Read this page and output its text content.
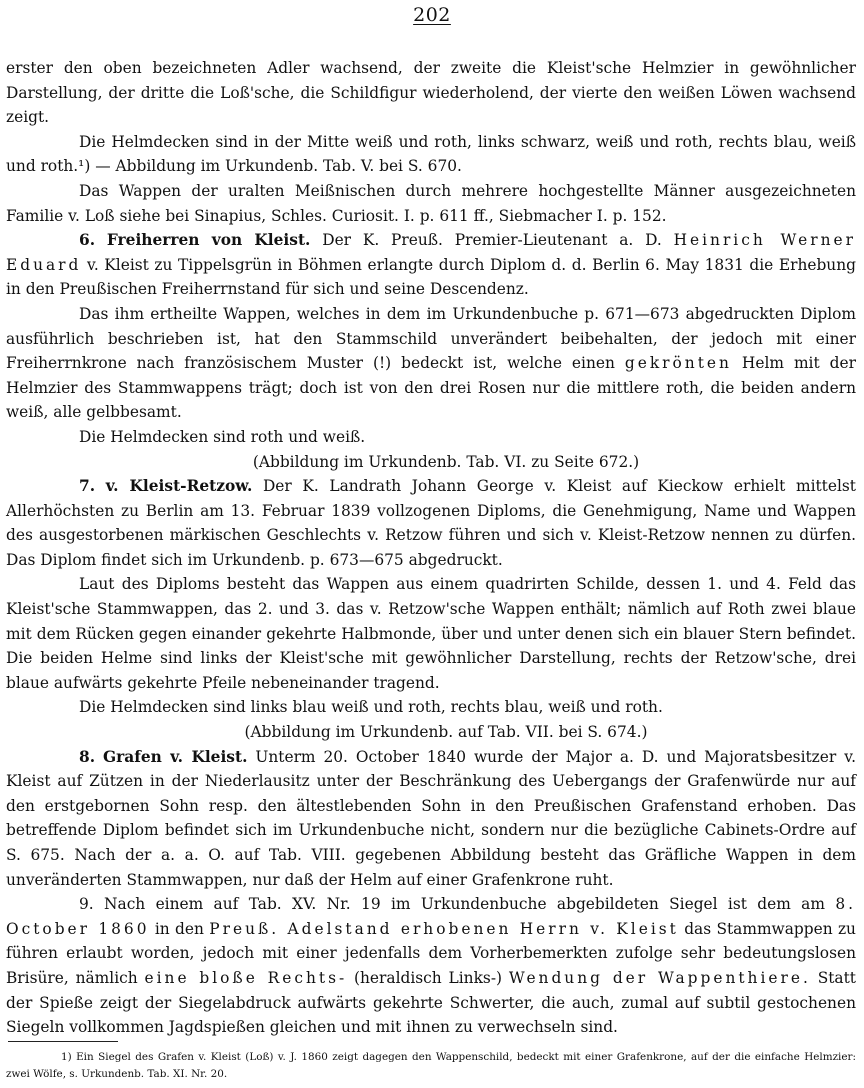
202

erster den oben bezeichneten Adler wachsend, der zweite die Kleist'sche Helmzier in gewöhnlicher Darstellung, der dritte die Loß'sche, die Schildfigur wiederholend, der vierte den weißen Löwen wachsend zeigt.

Die Helmdecken sind in der Mitte weiß und roth, links schwarz, weiß und roth, rechts blau, weiß und roth.¹) — Abbildung im Urkundenb. Tab. V. bei S. 670.

Das Wappen der uralten Meißnischen durch mehrere hochgestellte Männer ausgezeichneten Familie v. Loß siehe bei Sinapius, Schles. Curiosit. I. p. 611 ff., Siebmacher I. p. 152.

6. Freiherren von Kleist. Der K. Preuß. Premier-Lieutenant a. D. Heinrich Werner Eduard v. Kleist zu Tippelsgrün in Böhmen erlangte durch Diplom d. d. Berlin 6. May 1831 die Erhebung in den Preußischen Freiherrnstand für sich und seine Descendenz.

Das ihm ertheilte Wappen, welches in dem im Urkundenbuche p. 671—673 abgedruckten Diplom ausführlich beschrieben ist, hat den Stammschild unverändert beibehalten, der jedoch mit einer Freiherrnkrone nach französischem Muster (!) bedeckt ist, welche einen gekrönten Helm mit der Helmzier des Stammwappens trägt; doch ist von den drei Rosen nur die mittlere roth, die beiden andern weiß, alle gelbbesamt.

Die Helmdecken sind roth und weiß.

(Abbildung im Urkundenb. Tab. VI. zu Seite 672.)

7. v. Kleist-Retzow. Der K. Landrath Johann George v. Kleist auf Kieckow erhielt mittelst Allerhöchsten zu Berlin am 13. Februar 1839 vollzogenen Diploms, die Genehmigung, Name und Wappen des ausgestorbenen märkischen Geschlechts v. Retzow führen und sich v. Kleist-Retzow nennen zu dürfen. Das Diplom findet sich im Urkundenb. p. 673—675 abgedruckt.

Laut des Diploms besteht das Wappen aus einem quadrirten Schilde, dessen 1. und 4. Feld das Kleist'sche Stammwappen, das 2. und 3. das v. Retzow'sche Wappen enthält; nämlich auf Roth zwei blaue mit dem Rücken gegen einander gekehrte Halbmonde, über und unter denen sich ein blauer Stern befindet. Die beiden Helme sind links der Kleist'sche mit gewöhnlicher Darstellung, rechts der Retzow'sche, drei blaue aufwärts gekehrte Pfeile nebeneinander tragend.

Die Helmdecken sind links blau weiß und roth, rechts blau, weiß und roth.

(Abbildung im Urkundenb. auf Tab. VII. bei S. 674.)

8. Grafen v. Kleist. Unterm 20. October 1840 wurde der Major a. D. und Majoratsbesitzer v. Kleist auf Zützen in der Niederlausitz unter der Beschränkung des Uebergangs der Grafenwürde nur auf den erstgebornen Sohn resp. den ältestlebenden Sohn in den Preußischen Grafenstand erhoben. Das betreffende Diplom befindet sich im Urkundenbuche nicht, sondern nur die bezügliche Cabinets-Ordre auf S. 675. Nach der a. a. O. auf Tab. VIII. gegebenen Abbildung besteht das Gräfliche Wappen in dem unveränderten Stammwappen, nur daß der Helm auf einer Grafenkrone ruht.

9. Nach einem auf Tab. XV. Nr. 19 im Urkundenbuche abgebildeten Siegel ist dem am 8. October 1860 in den Preuß. Adelstand erhobenen Herrn v. Kleist das Stammwappen zu führen erlaubt worden, jedoch mit einer jedenfalls dem Vorherbemerkten zufolge sehr bedeutungslosen Brisüre, nämlich eine bloße Rechts- (heraldisch Links-) Wendung der Wappenthiere. Statt der Spieße zeigt der Siegelabdruck aufwärts gekehrte Schwerter, die auch, zumal auf subtil gestochenen Siegeln vollkommen Jagdspießen gleichen und mit ihnen zu verwechseln sind.

1) Ein Siegel des Grafen v. Kleist (Loß) v. J. 1860 zeigt dagegen den Wappenschild, bedeckt mit einer Grafenkrone, auf der die einfache Helmzier: zwei Wölfe, s. Urkundenb. Tab. XI. Nr. 20.
